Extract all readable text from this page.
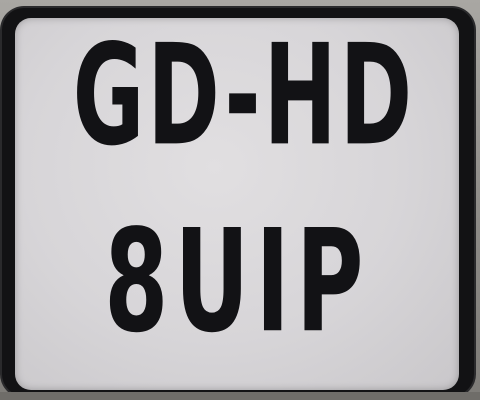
GD-HD
8UIP
